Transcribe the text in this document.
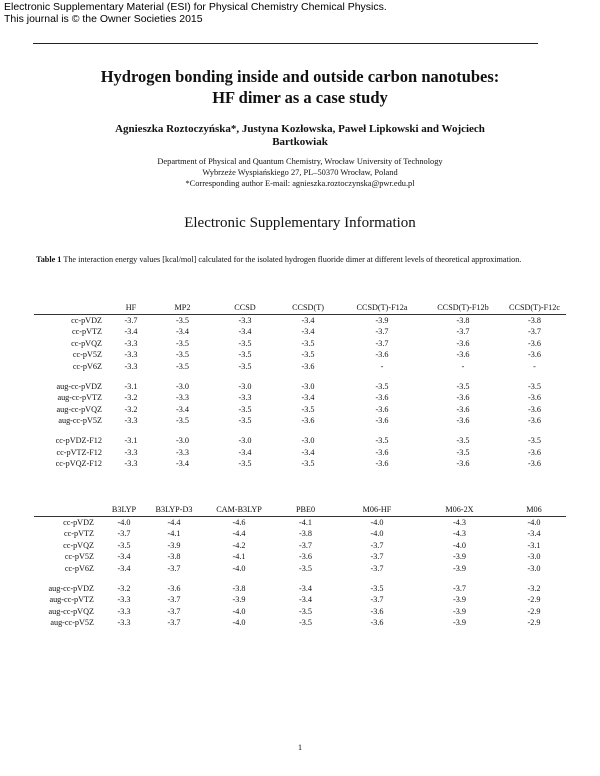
Electronic Supplementary Material (ESI) for Physical Chemistry Chemical Physics.
This journal is © the Owner Societies 2015
Hydrogen bonding inside and outside carbon nanotubes:
HF dimer as a case study
Agnieszka Roztoczyńska*, Justyna Kozłowska, Paweł Lipkowski and Wojciech
Bartkowiak
Department of Physical and Quantum Chemistry, Wrocław University of Technology
Wybrzeże Wyspiańskiego 27, PL–50370 Wrocław, Poland
*Corresponding author E-mail: agnieszka.roztoczynska@pwr.edu.pl
Electronic Supplementary Information
Table 1 The interaction energy values [kcal/mol] calculated for the isolated hydrogen fluoride dimer at different levels of theoretical approximation.
	HF	MP2	CCSD	CCSD(T)	CCSD(T)-F12a	CCSD(T)-F12b	CCSD(T)-F12c
cc-pVDZ	-3.7	-3.5	-3.3	-3.4	-3.9	-3.8	-3.8
cc-pVTZ	-3.4	-3.4	-3.4	-3.4	-3.7	-3.7	-3.7
cc-pVQZ	-3.3	-3.5	-3.5	-3.5	-3.7	-3.6	-3.6
cc-pV5Z	-3.3	-3.5	-3.5	-3.5	-3.6	-3.6	-3.6
cc-pV6Z	-3.3	-3.5	-3.5	-3.6	-	-	-

aug-cc-pVDZ	-3.1	-3.0	-3.0	-3.0	-3.5	-3.5	-3.5
aug-cc-pVTZ	-3.2	-3.3	-3.3	-3.4	-3.6	-3.6	-3.6
aug-cc-pVQZ	-3.2	-3.4	-3.5	-3.5	-3.6	-3.6	-3.6
aug-cc-pV5Z	-3.3	-3.5	-3.5	-3.6	-3.6	-3.6	-3.6

cc-pVDZ-F12	-3.1	-3.0	-3.0	-3.0	-3.5	-3.5	-3.5
cc-pVTZ-F12	-3.3	-3.3	-3.4	-3.4	-3.6	-3.5	-3.6
cc-pVQZ-F12	-3.3	-3.4	-3.5	-3.5	-3.6	-3.6	-3.6
	B3LYP	B3LYP-D3	CAM-B3LYP	PBE0	M06-HF	M06-2X	M06
cc-pVDZ	-4.0	-4.4	-4.6	-4.1	-4.0	-4.3	-4.0
cc-pVTZ	-3.7	-4.1	-4.4	-3.8	-4.0	-4.3	-3.4
cc-pVQZ	-3.5	-3.9	-4.2	-3.7	-3.7	-4.0	-3.1
cc-pV5Z	-3.4	-3.8	-4.1	-3.6	-3.7	-3.9	-3.0
cc-pV6Z	-3.4	-3.7	-4.0	-3.5	-3.7	-3.9	-3.0

aug-cc-pVDZ	-3.2	-3.6	-3.8	-3.4	-3.5	-3.7	-3.2
aug-cc-pVTZ	-3.3	-3.7	-3.9	-3.4	-3.7	-3.9	-2.9
aug-cc-pVQZ	-3.3	-3.7	-4.0	-3.5	-3.6	-3.9	-2.9
aug-cc-pV5Z	-3.3	-3.7	-4.0	-3.5	-3.6	-3.9	-2.9
1
